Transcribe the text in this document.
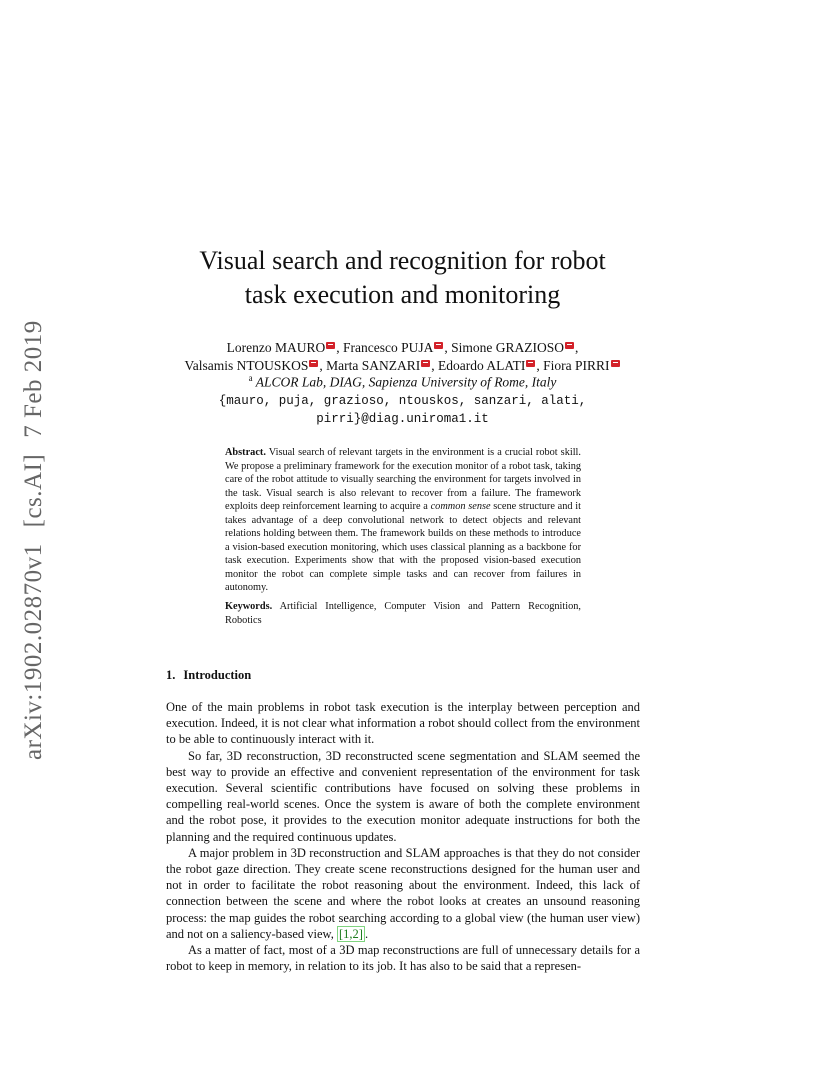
arXiv:1902.02870v1[cs.AI]7 Feb 2019
Visual search and recognition for robot
task execution and monitoring
Lorenzo MAURO , Francesco PUJA , Simone GRAZIOSO ,
Valsamis NTOUSKOS , Marta SANZARI , Edoardo ALATI , Fiora PIRRI
$^a$ ALCOR Lab, DIAG, Sapienza University of Rome, Italy
{mauro, puja, grazioso, ntouskos, sanzari, alati,
pirri}@diag.uniroma1.it
Abstract. Visual search of relevant targets in the environment is a crucial robot skill. We propose a preliminary framework for the execution monitor of a robot task, taking care of the robot attitude to visually searching the environment for targets involved in the task. Visual search is also relevant to recover from a failure. The framework exploits deep reinforcement learning to acquire a common sense scene structure and it takes advantage of a deep convolutional network to detect objects and relevant relations holding between them. The framework builds on these methods to introduce a vision-based execution monitoring, which uses classical planning as a backbone for task execution. Experiments show that with the proposed vision-based execution monitor the robot can complete simple tasks and can recover from failures in autonomy.
Keywords. Artificial Intelligence, Computer Vision and Pattern Recognition, Robotics
1. Introduction

One of the main problems in robot task execution is the interplay between perception and execution. Indeed, it is not clear what information a robot should collect from the environment to be able to continuously interact with it.

So far, 3D reconstruction, 3D reconstructed scene segmentation and SLAM seemed the best way to provide an effective and convenient representation of the environment for task execution. Several scientific contributions have focused on solving these problems in compelling real-world scenes. Once the system is aware of both the complete environment and the robot pose, it provides to the execution monitor adequate instructions for both the planning and the required continuous updates.

A major problem in 3D reconstruction and SLAM approaches is that they do not consider the robot gaze direction. They create scene reconstructions designed for the human user and not in order to facilitate the robot reasoning about the environment. Indeed, this lack of connection between the scene and where the robot looks at creates an unsound reasoning process: the map guides the robot searching according to a global view (the human user view) and not on a saliency-based view, [1,2] .

As a matter of fact, most of a 3D map reconstructions are full of unnecessary details for a robot to keep in memory, in relation to its job. It has also to be said that a represen-
